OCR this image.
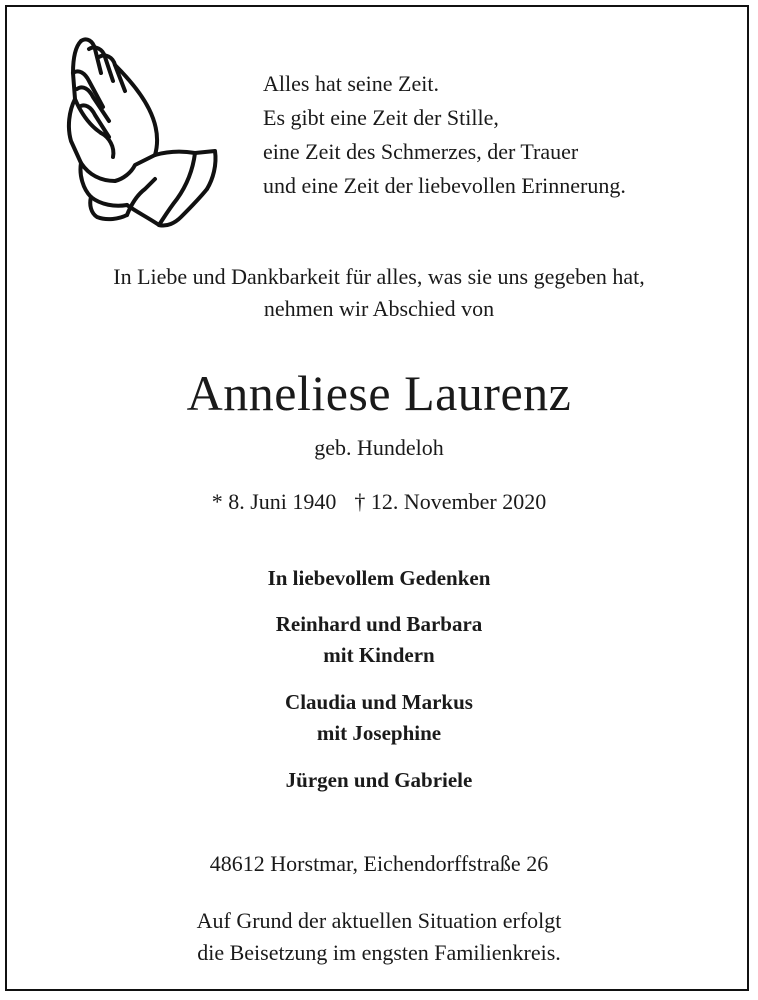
Alles hat seine Zeit.
Es gibt eine Zeit der Stille,
eine Zeit des Schmerzes, der Trauer
und eine Zeit der liebevollen Erinnerung.
In Liebe und Dankbarkeit für alles, was sie uns gegeben hat,
nehmen wir Abschied von
Anneliese Laurenz
geb. Hundeloh
* 8. Juni 1940 † 12. November 2020
In liebevollem Gedenken
Reinhard und Barbara
mit Kindern
Claudia und Markus
mit Josephine
Jürgen und Gabriele
48612 Horstmar, Eichendorffstraße 26
Auf Grund der aktuellen Situation erfolgt
die Beisetzung im engsten Familienkreis.
